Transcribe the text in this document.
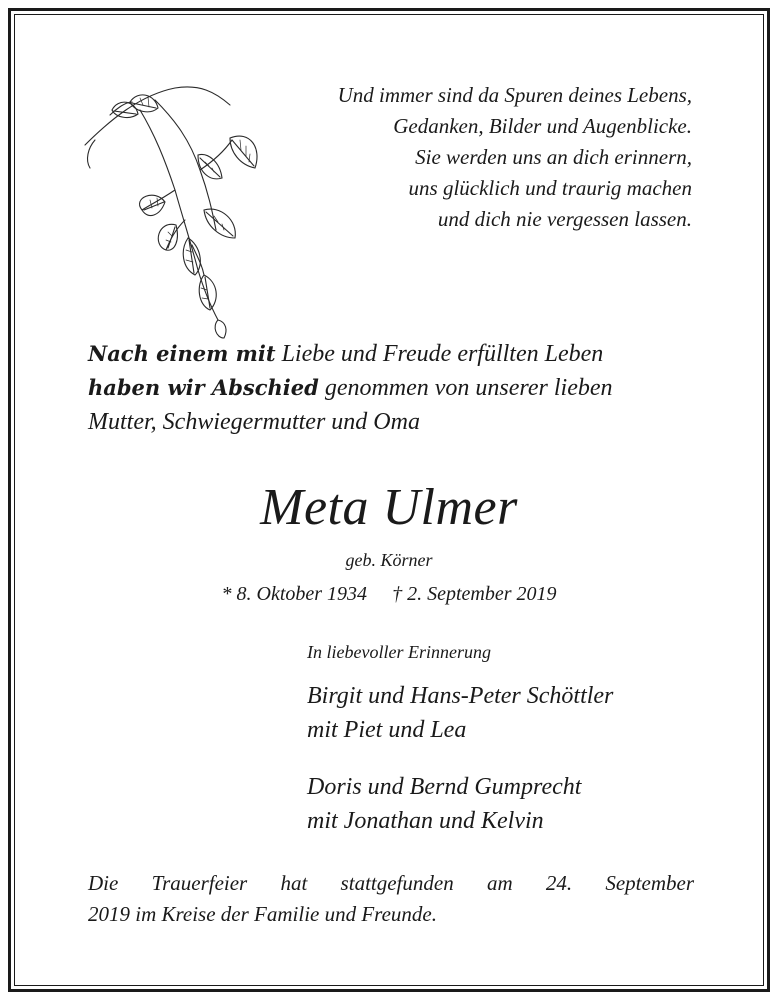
Und immer sind da Spuren deines Lebens,
Gedanken, Bilder und Augenblicke.
Sie werden uns an dich erinnern,
uns glücklich und traurig machen
und dich nie vergessen lassen.
Nach einem mit Liebe und Freude erfüllten Leben
haben wir Abschied genommen von unserer lieben
Mutter, Schwiegermutter und Oma
Meta Ulmer
geb. Körner
* 8. Oktober 1934 † 2. September 2019
In liebevoller Erinnerung
Birgit und Hans-Peter Schöttler
mit Piet und Lea
Doris und Bernd Gumprecht
mit Jonathan und Kelvin
Die Trauerfeier hat stattgefunden am 24. September
2019 im Kreise der Familie und Freunde.
